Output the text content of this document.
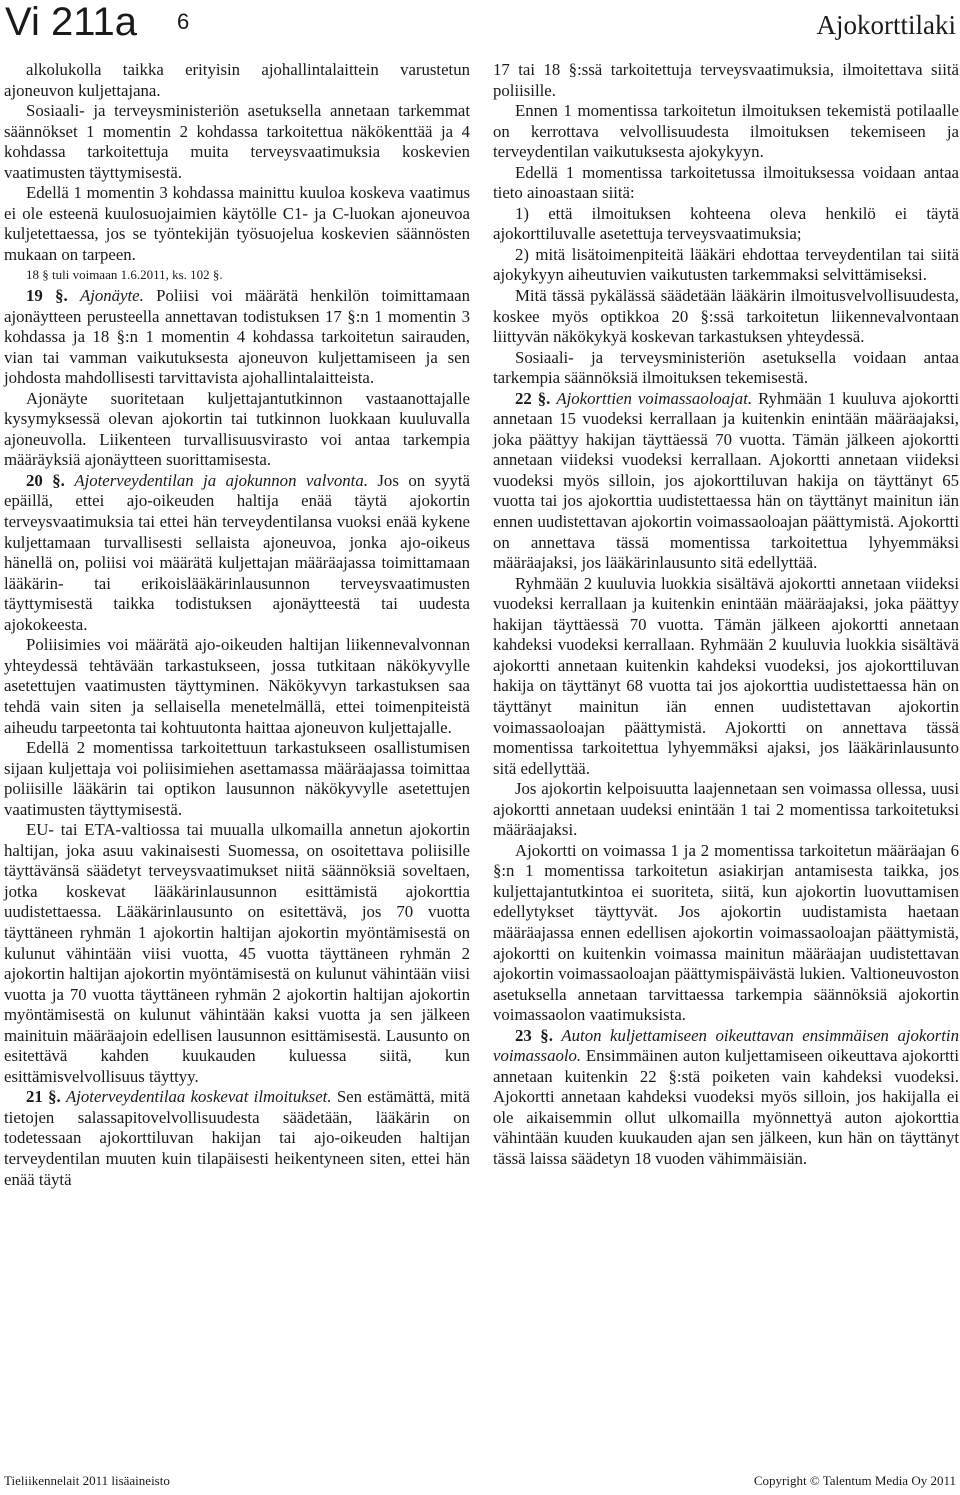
Vi 211a 6	Ajokorttilaki

alkolukolla taikka erityisin ajohallintalaittein varustetun ajoneuvon kuljettajana.

Sosiaali- ja terveysministeriön asetuksella annetaan tarkemmat säännökset 1 momentin 2 kohdassa tarkoitettua näkökenttää ja 4 kohdassa tarkoitettuja muita terveysvaatimuksia koskevien vaatimusten täyttymisestä.

Edellä 1 momentin 3 kohdassa mainittu kuuloa koskeva vaatimus ei ole esteenä kuulosuojaimien käytölle C1- ja C-luokan ajoneuvoa kuljetettaessa, jos se työntekijän työsuojelua koskevien säännösten mukaan on tarpeen.

18 § tuli voimaan 1.6.2011, ks. 102 §.

19 §. Ajonäyte. Poliisi voi määrätä henkilön toimittamaan ajonäytteen perusteella annettavan todistuksen 17 §:n 1 momentin 3 kohdassa ja 18 §:n 1 momentin 4 kohdassa tarkoitetun sairauden, vian tai vamman vaikutuksesta ajoneuvon kuljettamiseen ja sen johdosta mahdollisesti tarvittavista ajohallintalaitteista.

Ajonäyte suoritetaan kuljettajantutkinnon vastaanottajalle kysymyksessä olevan ajokortin tai tutkinnon luokkaan kuuluvalla ajoneuvolla. Liikenteen turvallisuusvirasto voi antaa tarkempia määräyksiä ajonäytteen suorittamisesta.

20 §. Ajoterveydentilan ja ajokunnon valvonta. Jos on syytä epäillä, ettei ajo-oikeuden haltija enää täytä ajokortin terveysvaatimuksia tai ettei hän terveydentilansa vuoksi enää kykene kuljettamaan turvallisesti sellaista ajoneuvoa, jonka ajo-oikeus hänellä on, poliisi voi määrätä kuljettajan määräajassa toimittamaan lääkärin- tai erikoislääkärinlausunnon terveysvaatimusten täyttymisestä taikka todistuksen ajonäytteestä tai uudesta ajokokeesta.

Poliisimies voi määrätä ajo-oikeuden haltijan liikennevalvonnan yhteydessä tehtävään tarkastukseen, jossa tutkitaan näkökyvylle asetettujen vaatimusten täyttyminen. Näkökyvyn tarkastuksen saa tehdä vain siten ja sellaisella menetelmällä, ettei toimenpiteistä aiheudu tarpeetonta tai kohtuutonta haittaa ajoneuvon kuljettajalle.

Edellä 2 momentissa tarkoitettuun tarkastukseen osallistumisen sijaan kuljettaja voi poliisimiehen asettamassa määräajassa toimittaa poliisille lääkärin tai optikon lausunnon näkökyvylle asetettujen vaatimusten täyttymisestä.

EU- tai ETA-valtiossa tai muualla ulkomailla annetun ajokortin haltijan, joka asuu vakinaisesti Suomessa, on osoitettava poliisille täyttävänsä säädetyt terveysvaatimukset niitä säännöksiä soveltaen, jotka koskevat lääkärinlausunnon esittämistä ajokorttia uudistettaessa. Lääkärinlausunto on esitettävä, jos 70 vuotta täyttäneen ryhmän 1 ajokortin haltijan ajokortin myöntämisestä on kulunut vähintään viisi vuotta, 45 vuotta täyttäneen ryhmän 2 ajokortin haltijan ajokortin myöntämisestä on kulunut vähintään viisi vuotta ja 70 vuotta täyttäneen ryhmän 2 ajokortin haltijan ajokortin myöntämisestä on kulunut vähintään kaksi vuotta ja sen jälkeen mainituin määräajoin edellisen lausunnon esittämisestä. Lausunto on esitettävä kahden kuukauden kuluessa siitä, kun esittämisvelvollisuus täyttyy.

21 §. Ajoterveydentilaa koskevat ilmoitukset. Sen estämättä, mitä tietojen salassapitovelvollisuudesta säädetään, lääkärin on todetessaan ajokorttiluvan hakijan tai ajo-oikeuden haltijan terveydentilan muuten kuin tilapäisesti heikentyneen siten, ettei hän enää täytä

17 tai 18 §:ssä tarkoitettuja terveysvaatimuksia, ilmoitettava siitä poliisille.

Ennen 1 momentissa tarkoitetun ilmoituksen tekemistä potilaalle on kerrottava velvollisuudesta ilmoituksen tekemiseen ja terveydentilan vaikutuksesta ajokykyyn.

Edellä 1 momentissa tarkoitetussa ilmoituksessa voidaan antaa tieto ainoastaan siitä:

1) että ilmoituksen kohteena oleva henkilö ei täytä ajokorttiluvalle asetettuja terveysvaatimuksia;

2) mitä lisätoimenpiteitä lääkäri ehdottaa terveydentilan tai siitä ajokykyyn aiheutuvien vaikutusten tarkemmaksi selvittämiseksi.

Mitä tässä pykälässä säädetään lääkärin ilmoitusvelvollisuudesta, koskee myös optikkoa 20 §:ssä tarkoitetun liikennevalvontaan liittyvän näkökykyä koskevan tarkastuksen yhteydessä.

Sosiaali- ja terveysministeriön asetuksella voidaan antaa tarkempia säännöksiä ilmoituksen tekemisestä.

22 §. Ajokorttien voimassaoloajat. Ryhmään 1 kuuluva ajokortti annetaan 15 vuodeksi kerrallaan ja kuitenkin enintään määräajaksi, joka päättyy hakijan täyttäessä 70 vuotta. Tämän jälkeen ajokortti annetaan viideksi vuodeksi kerrallaan. Ajokortti annetaan viideksi vuodeksi myös silloin, jos ajokorttiluvan hakija on täyttänyt 65 vuotta tai jos ajokorttia uudistettaessa hän on täyttänyt mainitun iän ennen uudistettavan ajokortin voimassaoloajan päättymistä. Ajokortti on annettava tässä momentissa tarkoitettua lyhyemmäksi määräajaksi, jos lääkärinlausunto sitä edellyttää.

Ryhmään 2 kuuluvia luokkia sisältävä ajokortti annetaan viideksi vuodeksi kerrallaan ja kuitenkin enintään määräajaksi, joka päättyy hakijan täyttäessä 70 vuotta. Tämän jälkeen ajokortti annetaan kahdeksi vuodeksi kerrallaan. Ryhmään 2 kuuluvia luokkia sisältävä ajokortti annetaan kuitenkin kahdeksi vuodeksi, jos ajokorttiluvan hakija on täyttänyt 68 vuotta tai jos ajokorttia uudistettaessa hän on täyttänyt mainitun iän ennen uudistettavan ajokortin voimassaoloajan päättymistä. Ajokortti on annettava tässä momentissa tarkoitettua lyhyemmäksi ajaksi, jos lääkärinlausunto sitä edellyttää.

Jos ajokortin kelpoisuutta laajennetaan sen voimassa ollessa, uusi ajokortti annetaan uudeksi enintään 1 tai 2 momentissa tarkoitetuksi määräajaksi.

Ajokortti on voimassa 1 ja 2 momentissa tarkoitetun määräajan 6 §:n 1 momentissa tarkoitetun asiakirjan antamisesta taikka, jos kuljettajantutkintoa ei suoriteta, siitä, kun ajokortin luovuttamisen edellytykset täyttyvät. Jos ajokortin uudistamista haetaan määräajassa ennen edellisen ajokortin voimassaoloajan päättymistä, ajokortti on kuitenkin voimassa mainitun määräajan uudistettavan ajokortin voimassaoloajan päättymispäivästä lukien. Valtioneuvoston asetuksella annetaan tarvittaessa tarkempia säännöksiä ajokortin voimassaolon vaatimuksista.

23 §. Auton kuljettamiseen oikeuttavan ensimmäisen ajokortin voimassaolo. Ensimmäinen auton kuljettamiseen oikeuttava ajokortti annetaan kuitenkin 22 §:stä poiketen vain kahdeksi vuodeksi. Ajokortti annetaan kahdeksi vuodeksi myös silloin, jos hakijalla ei ole aikaisemmin ollut ulkomailla myönnettyä auton ajokorttia vähintään kuuden kuukauden ajan sen jälkeen, kun hän on täyttänyt tässä laissa säädetyn 18 vuoden vähimmäisiän.

Tieliikennelait 2011 lisäaineisto	Copyright © Talentum Media Oy 2011
